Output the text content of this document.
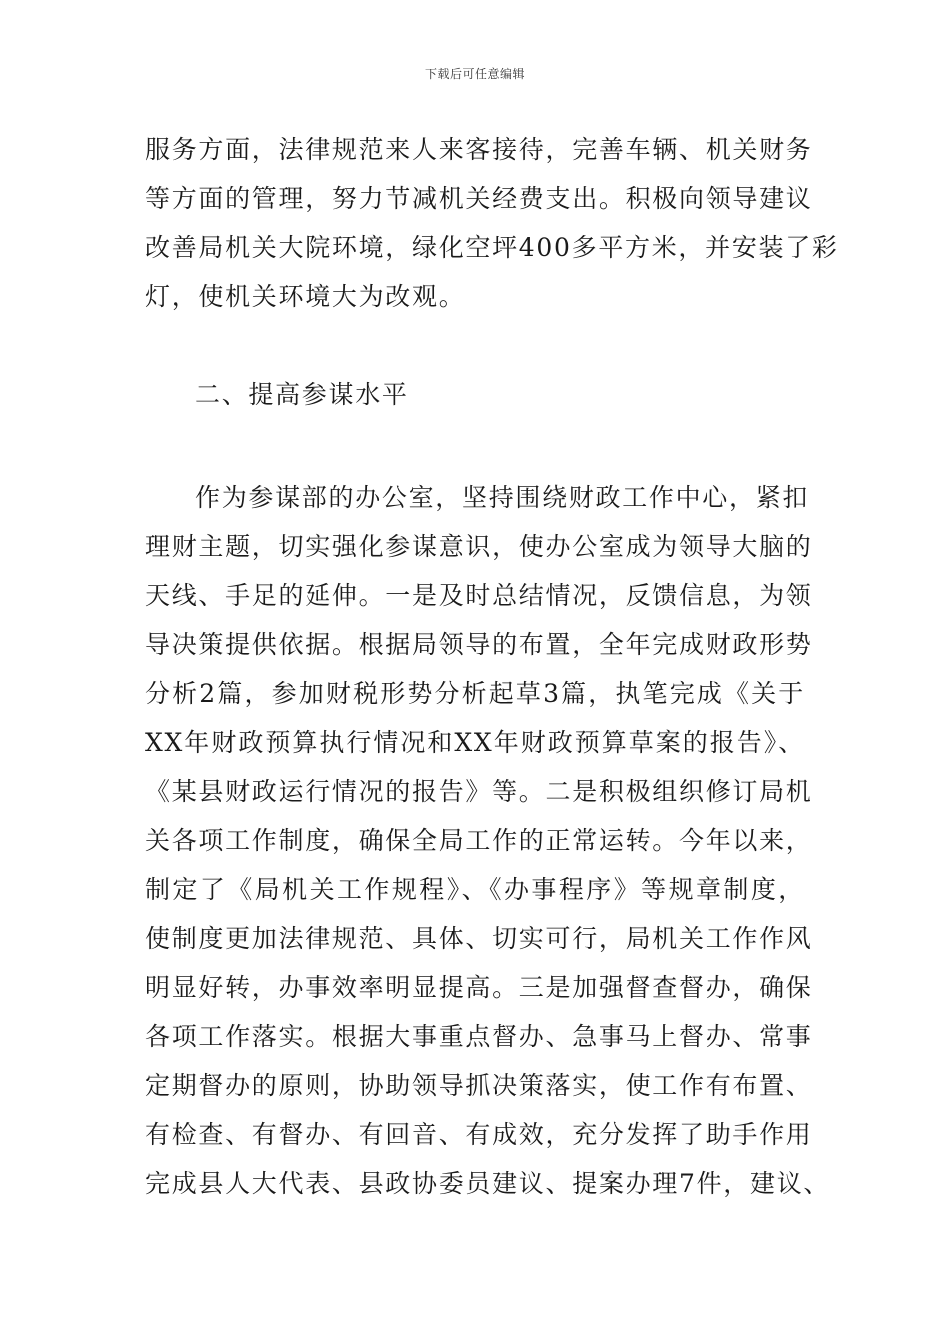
下载后可任意编辑
服务方面，法律规范来人来客接待，完善车辆、机关财务
等方面的管理，努力节减机关经费支出。积极向领导建议
改善局机关大院环境，绿化空坪400多平方米，并安装了彩
灯，使机关环境大为改观。
二、提高参谋水平
作为参谋部的办公室，坚持围绕财政工作中心，紧扣
理财主题，切实强化参谋意识，使办公室成为领导大脑的
天线、手足的延伸。一是及时总结情况，反馈信息，为领
导决策提供依据。根据局领导的布置，全年完成财政形势
分析2篇，参加财税形势分析起草3篇，执笔完成《关于
XX年财政预算执行情况和XX年财政预算草案的报告》、
《某县财政运行情况的报告》等。二是积极组织修订局机
关各项工作制度，确保全局工作的正常运转。今年以来，
制定了《局机关工作规程》、《办事程序》等规章制度，
使制度更加法律规范、具体、切实可行，局机关工作作风
明显好转，办事效率明显提高。三是加强督查督办，确保
各项工作落实。根据大事重点督办、急事马上督办、常事
定期督办的原则，协助领导抓决策落实，使工作有布置、
有检查、有督办、有回音、有成效，充分发挥了助手作用
完成县人大代表、县政协委员建议、提案办理7件，建议、
